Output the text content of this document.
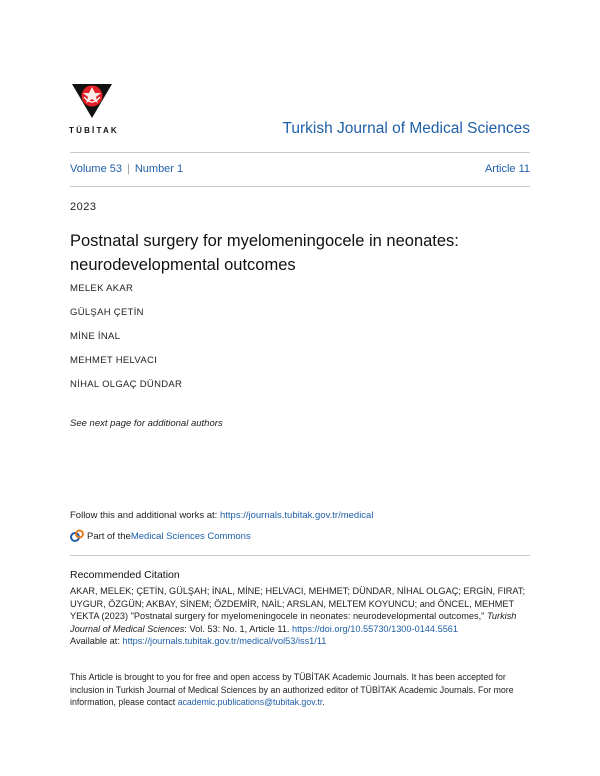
TÜBİTAK	Turkish Journal of Medical Sciences
Volume 53 | Number 1	Article 11
2023
Postnatal surgery for myelomeningocele in neonates: neurodevelopmental outcomes
MELEK AKAR
GÜLŞAH ÇETİN
MİNE İNAL
MEHMET HELVACI
NİHAL OLGAÇ DÜNDAR
See next page for additional authors
Follow this and additional works at: https://journals.tubitak.gov.tr/medical
Part of the Medical Sciences Commons
Recommended Citation
AKAR, MELEK; ÇETİN, GÜLŞAH; İNAL, MİNE; HELVACI, MEHMET; DÜNDAR, NİHAL OLGAÇ; ERGİN, FIRAT; UYGUR, ÖZGÜN; AKBAY, SİNEM; ÖZDEMİR, NAİL; ARSLAN, MELTEM KOYUNCU; and ÖNCEL, MEHMET YEKTA (2023) "Postnatal surgery for myelomeningocele in neonates: neurodevelopmental outcomes," Turkish Journal of Medical Sciences: Vol. 53: No. 1, Article 11. https://doi.org/10.55730/1300-0144.5561
Available at: https://journals.tubitak.gov.tr/medical/vol53/iss1/11
This Article is brought to you for free and open access by TÜBİTAK Academic Journals. It has been accepted for inclusion in Turkish Journal of Medical Sciences by an authorized editor of TÜBİTAK Academic Journals. For more information, please contact academic.publications@tubitak.gov.tr.
